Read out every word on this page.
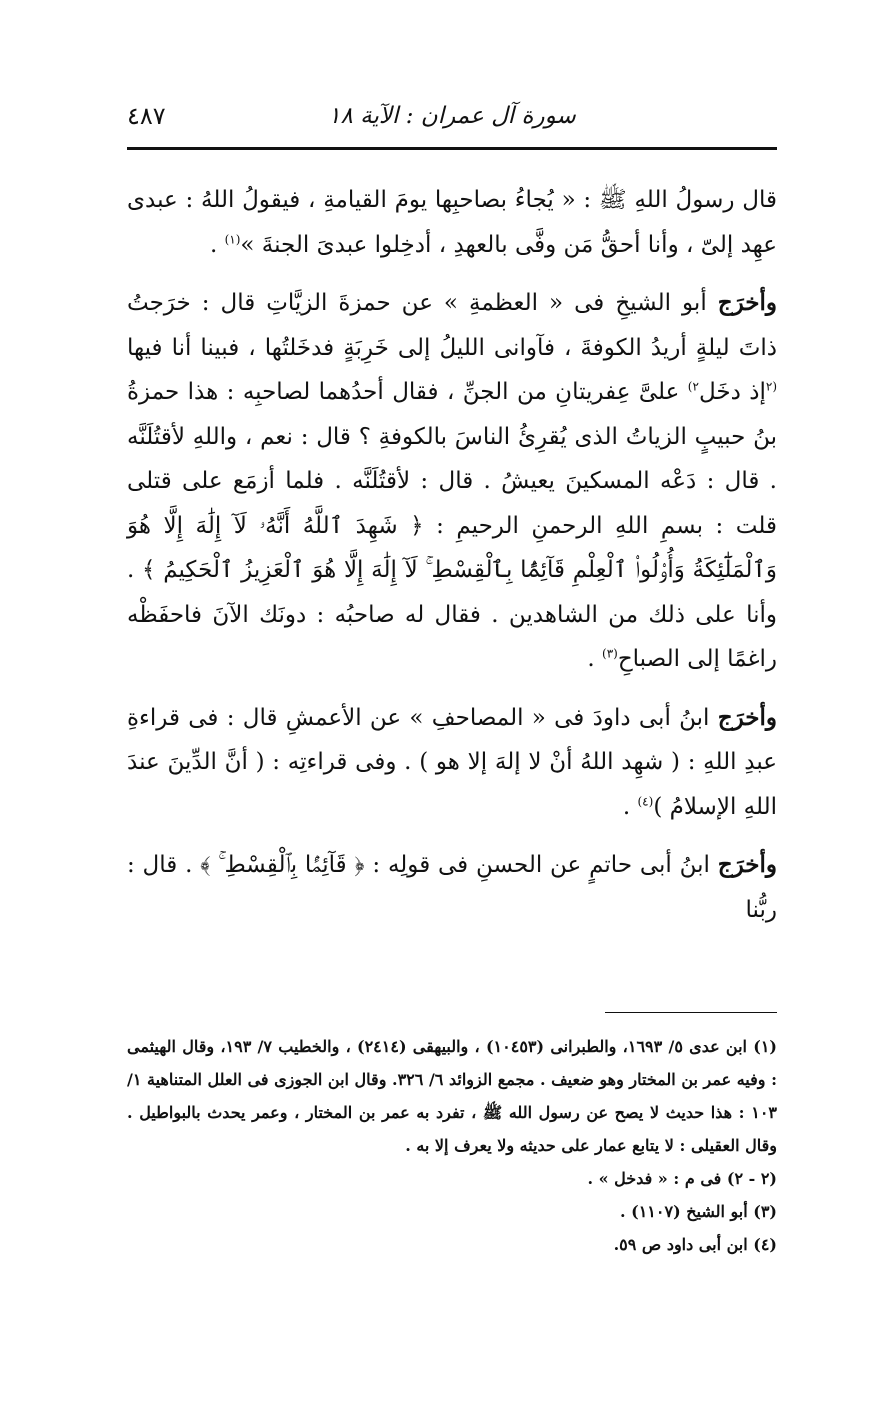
سورة آل عمران : الآية ١٨
٤٨٧

قال رسولُ اللهِ ﷺ : « يُجاءُ بصاحبِها يومَ القيامةِ ، فيقولُ اللهُ : عبدى عهِد إلىّ ، وأنا أحقُّ مَن وفَّى بالعهدِ ، أدخِلوا عبدىَ الجنةَ »$^{(١)}$ .

وأخرَج أبو الشيخِ فى « العظمةِ » عن حمزةَ الزيَّاتِ قال : خرَجتُ ذاتَ ليلةٍ أريدُ الكوفةَ ، فآوانى الليلُ إلى خَرِبَةٍ فدخَلتُها ، فبينا أنا فيها $^{(٢}$إذ دخَل$^{٢)}$ علىَّ عِفريتانِ من الجنِّ ، فقال أحدُهما لصاحبِه : هذا حمزةُ بنُ حبيبٍ الزياتُ الذى يُقرِئُ الناسَ بالكوفةِ ؟ قال : نعم ، واللهِ لأقتُلَنَّه . قال : دَعْه المسكينَ يعيشُ . قال : لأقتُلَنَّه . فلما أزمَع على قتلى قلت : بسمِ اللهِ الرحمنِ الرحيمِ : ﴿ شَهِدَ ٱللَّهُ أَنَّهُۥ لَآ إِلَٰهَ إِلَّا هُوَ وَٱلْمَلَٰٓئِكَةُ وَأُو۟لُوا۟ ٱلْعِلْمِ قَآئِمًۢا بِٱلْقِسْطِ ۚ لَآ إِلَٰهَ إِلَّا هُوَ ٱلْعَزِيزُ ٱلْحَكِيمُ ﴾ . وأنا على ذلك من الشاهدين . فقال له صاحبُه : دونَك الآنَ فاحفَظْه راغمًا إلى الصباحِ$^{(٣)}$ .

وأخرَج ابنُ أبى داودَ فى « المصاحفِ » عن الأعمشِ قال : فى قراءةِ عبدِ اللهِ : ( شهِد اللهُ أنْ لا إلهَ إلا هو ) . وفى قراءتِه : ( أنَّ الدِّينَ عندَ اللهِ الإسلامُ )$^{(٤)}$ .

وأخرَج ابنُ أبى حاتمٍ عن الحسنِ فى قولِه : ﴿ قَآئِمًۢا بِٱلْقِسْطِ ۚ ﴾ . قال : ربُّنا

(١) ابن عدى ٥/ ١٦٩٣، والطبرانى (١٠٤٥٣) ، والبيهقى (٢٤١٤) ، والخطيب ٧/ ١٩٣، وقال الهيثمى : وفيه عمر بن المختار وهو ضعيف . مجمع الزوائد ٦/ ٣٢٦. وقال ابن الجوزى فى العلل المتناهية ١/ ١٠٣ : هذا حديث لا يصح عن رسول الله ﷺ ، تفرد به عمر بن المختار ، وعمر يحدث بالبواطيل . وقال العقيلى : لا يتابع عمار على حديثه ولا يعرف إلا به .

(٢ - ٢) فى م : « فدخل » .

(٣) أبو الشيخ (١١٠٧) .

(٤) ابن أبى داود ص ٥٩.
